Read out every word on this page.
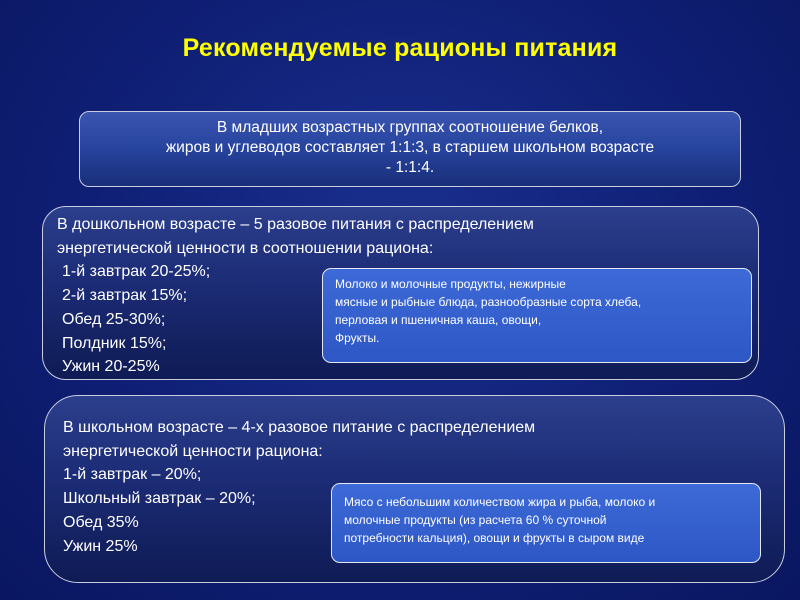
Рекомендуемые рационы питания
В младших возрастных группах соотношение белков,
жиров и углеводов составляет 1:1:3, в старшем школьном возрасте
- 1:1:4.
В дошкольном возрасте – 5 разовое питания с распределением
энергетической ценности в соотношении рациона:
1-й завтрак 20-25%;
2-й завтрак 15%;
Обед 25-30%;
Полдник 15%;
Ужин 20-25%
Молоко и молочные продукты, нежирные
мясные и рыбные блюда, разнообразные сорта хлеба,
перловая и пшеничная каша, овощи,
Фрукты.
В школьном возрасте – 4-х разовое питание с распределением
энергетической ценности рациона:
1-й завтрак – 20%;
Школьный завтрак – 20%;
Обед 35%
Ужин 25%
Мясо с небольшим количеством жира и рыба, молоко и
молочные продукты (из расчета 60 % суточной
потребности кальция), овощи и фрукты в сыром виде
